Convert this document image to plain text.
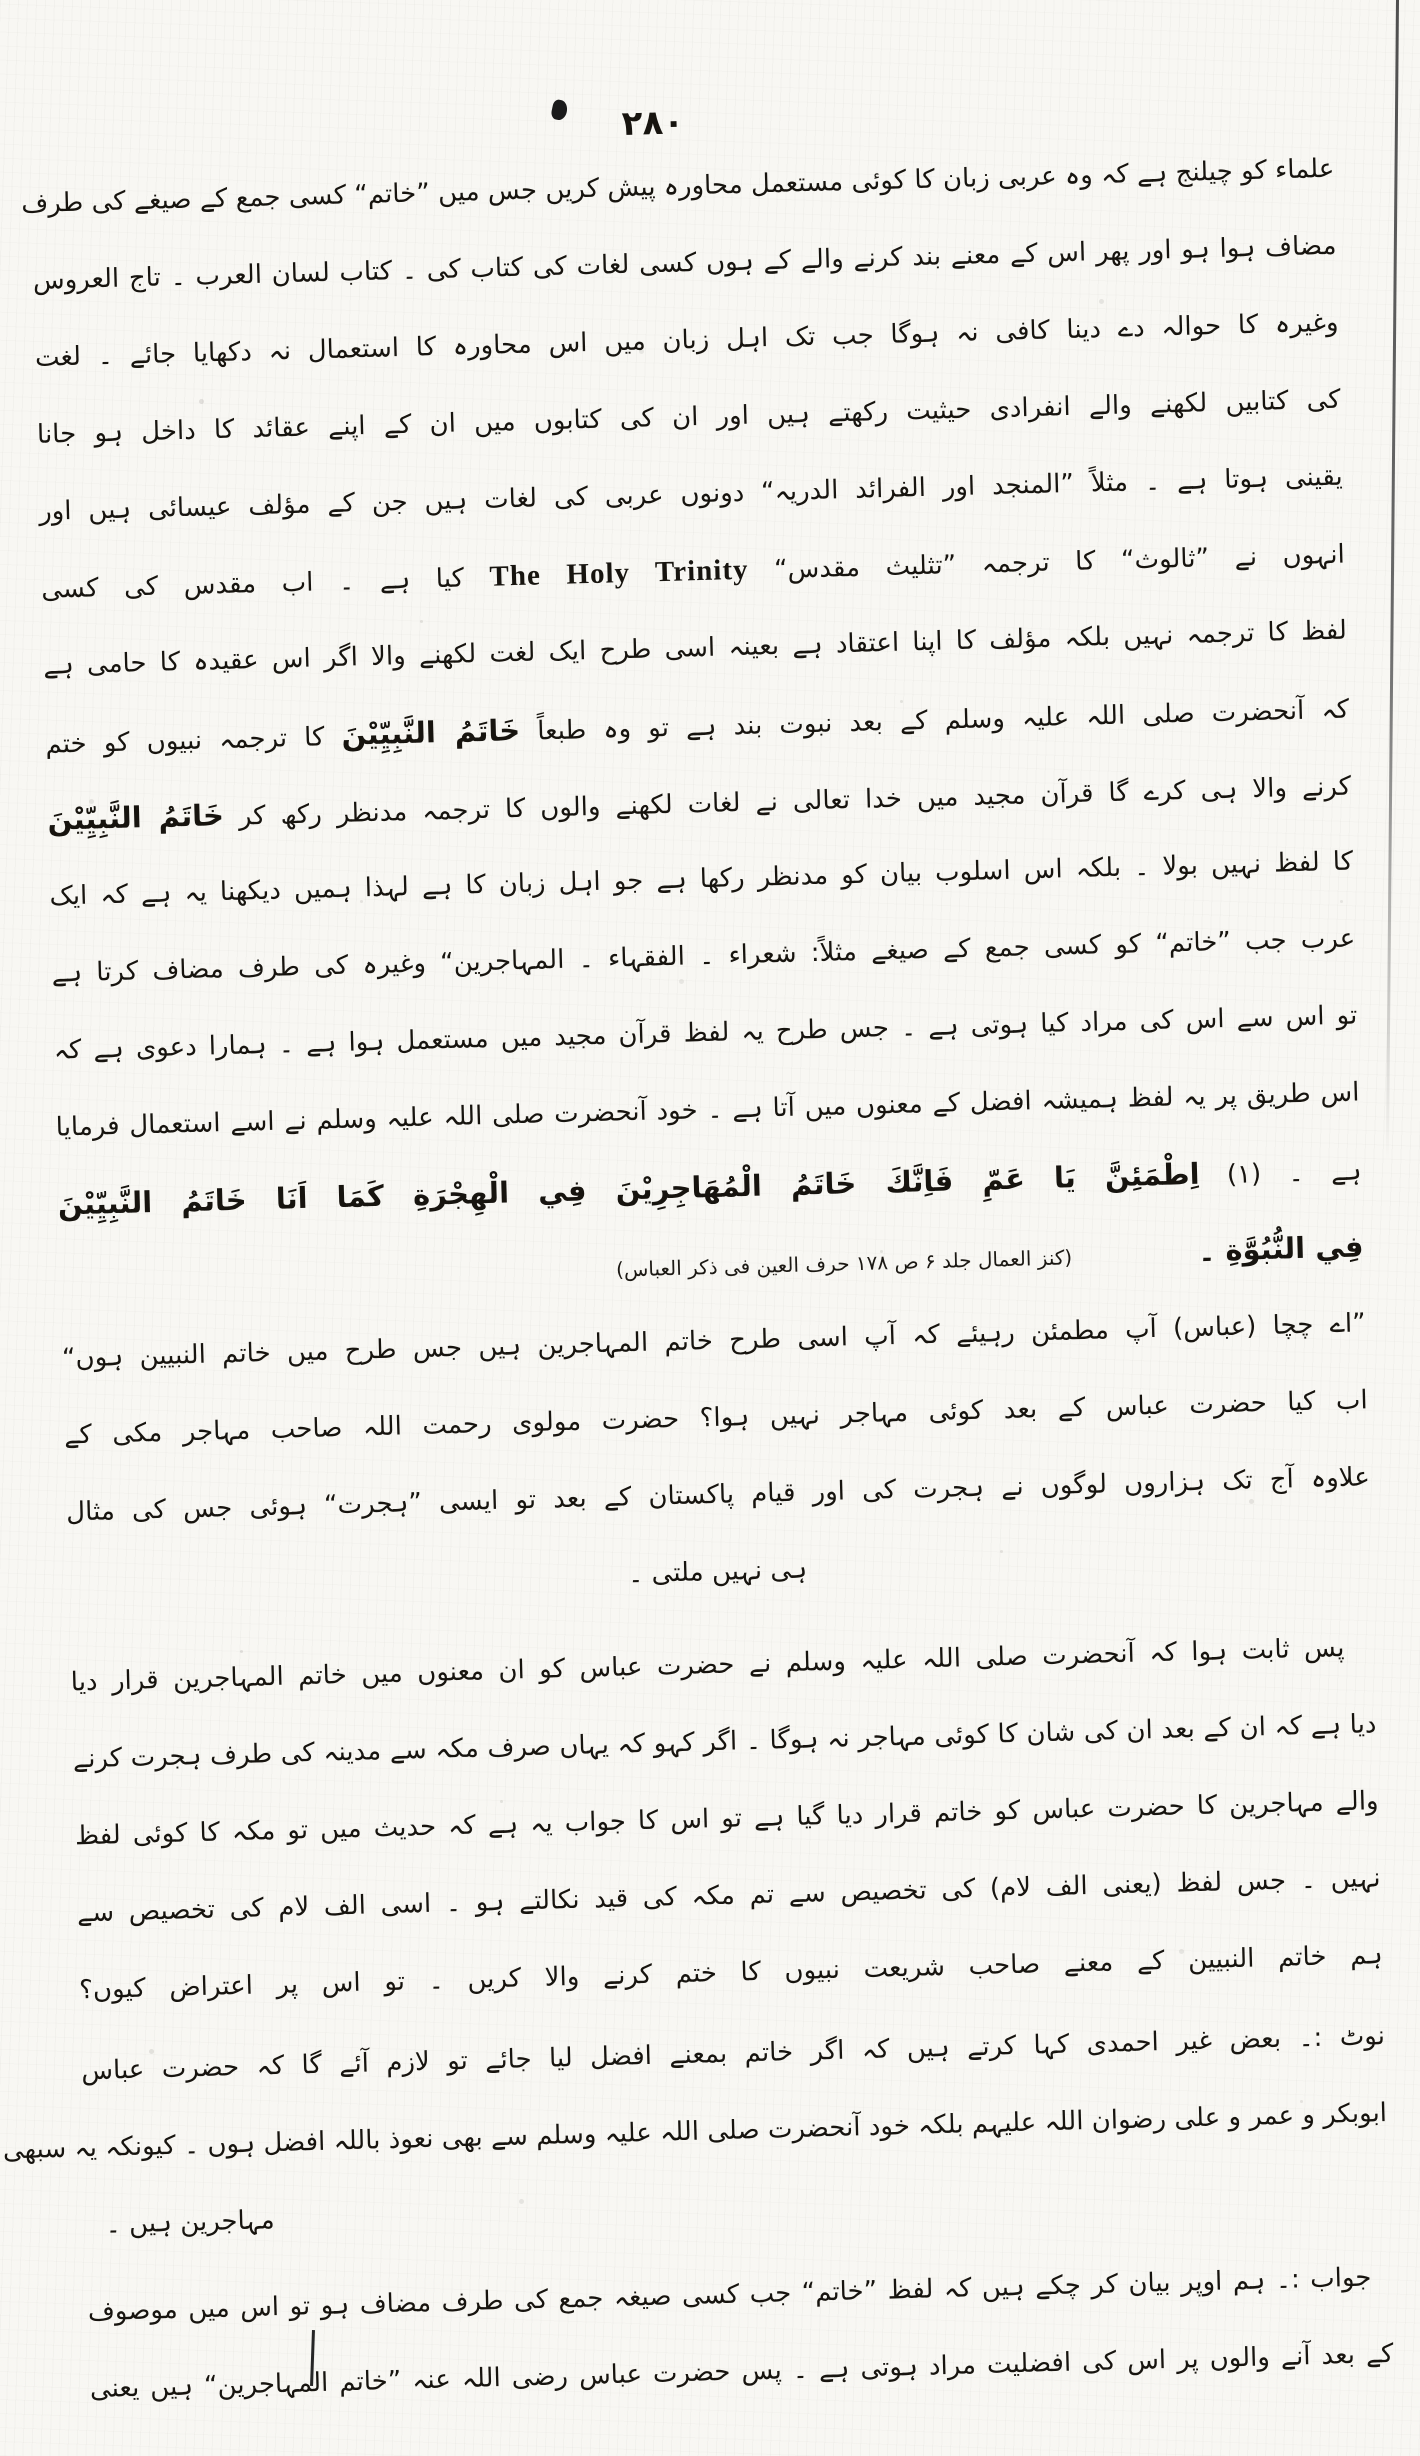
۲۸۰
علماء کو چیلنج ہے کہ وہ عربی زبان کا کوئی مستعمل محاورہ پیش کریں جس میں ”خاتم“ کسی جمع کے صیغے کی طرف
مضاف ہوا ہو اور پھر اس کے معنے بند کرنے والے کے ہوں کسی لغات کی کتاب کی ۔ کتاب لسان العرب ۔ تاج العروس
وغیرہ کا حوالہ دے دینا کافی نہ ہوگا جب تک اہل زبان میں اس محاورہ کا استعمال نہ دکھایا جائے ۔ لغت
کی کتابیں لکھنے والے انفرادی حیثیت رکھتے ہیں اور ان کی کتابوں میں ان کے اپنے عقائد کا داخل ہو جانا
یقینی ہوتا ہے ۔ مثلاً ”المنجد اور الفرائد الدریہ“ دونوں عربی کی لغات ہیں جن کے مؤلف عیسائی ہیں اور
انہوں نے ”ثالوث“ کا ترجمہ ”تثلیث مقدس“ The Holy Trinity کیا ہے ۔ اب مقدس کی کسی
لفظ کا ترجمہ نہیں بلکہ مؤلف کا اپنا اعتقاد ہے بعینہ اسی طرح ایک لغت لکھنے والا اگر اس عقیدہ کا حامی ہے
کہ آنحضرت صلی اللہ علیہ وسلم کے بعد نبوت بند ہے تو وہ طبعاً خَاتَمُ النَّبِيِّيْنَ کا ترجمہ نبیوں کو ختم
کرنے والا ہی کرے گا قرآن مجید میں خدا تعالی نے لغات لکھنے والوں کا ترجمہ مدنظر رکھ کر خَاتَمُ النَّبِيِّيْنَ
کا لفظ نہیں بولا ۔ بلکہ اس اسلوب بیان کو مدنظر رکھا ہے جو اہل زبان کا ہے لہذا ہمیں دیکھنا یہ ہے کہ ایک
عرب جب ”خاتم“ کو کسی جمع کے صیغے مثلاً: شعراء ۔ الفقہاء ۔ المہاجرین“ وغیرہ کی طرف مضاف کرتا ہے
تو اس سے اس کی مراد کیا ہوتی ہے ۔ جس طرح یہ لفظ قرآن مجید میں مستعمل ہوا ہے ۔ ہمارا دعوی ہے کہ
اس طریق پر یہ لفظ ہمیشہ افضل کے معنوں میں آتا ہے ۔ خود آنحضرت صلی اللہ علیہ وسلم نے اسے استعمال فرمایا
ہے ۔ (۱) اِطْمَئِنَّ يَا عَمِّ فَاِنَّكَ خَاتَمُ الْمُهَاجِرِيْنَ فِي الْهِجْرَةِ كَمَا اَنَا خَاتَمُ النَّبِيِّيْنَ
فِي النُّبُوَّةِ ۔
(کنز العمال جلد ۶ ص ۱۷۸ حرف العین فی ذکر العباس)
”اے چچا (عباس) آپ مطمئن رہیئے کہ آپ اسی طرح خاتم المہاجرین ہیں جس طرح میں خاتم النبیین ہوں“
اب کیا حضرت عباس کے بعد کوئی مہاجر نہیں ہوا؟ حضرت مولوی رحمت اللہ صاحب مہاجر مکی کے
علاوہ آج تک ہزاروں لوگوں نے ہجرت کی اور قیام پاکستان کے بعد تو ایسی ”ہجرت“ ہوئی جس کی مثال
ہی نہیں ملتی ۔
پس ثابت ہوا کہ آنحضرت صلی اللہ علیہ وسلم نے حضرت عباس کو ان معنوں میں خاتم المہاجرین قرار دیا
دیا ہے کہ ان کے بعد ان کی شان کا کوئی مہاجر نہ ہوگا ۔ اگر کہو کہ یہاں صرف مکہ سے مدینہ کی طرف ہجرت کرنے
والے مہاجرین کا حضرت عباس کو خاتم قرار دیا گیا ہے تو اس کا جواب یہ ہے کہ حدیث میں تو مکہ کا کوئی لفظ
نہیں ۔ جس لفظ (یعنی الف لام) کی تخصیص سے تم مکہ کی قید نکالتے ہو ۔ اسی الف لام کی تخصیص سے
ہم خاتم النبیین کے معنے صاحب شریعت نبیوں کا ختم کرنے والا کریں ۔ تو اس پر اعتراض کیوں؟
نوٹ :۔ بعض غیر احمدی کہا کرتے ہیں کہ اگر خاتم بمعنے افضل لیا جائے تو لازم آئے گا کہ حضرت عباس
ابوبکر و عمر و علی رضوان اللہ علیہم بلکہ خود آنحضرت صلی اللہ علیہ وسلم سے بھی نعوذ باللہ افضل ہوں ۔ کیونکہ یہ سبھی
مہاجرین ہیں ۔
جواب :۔ ہم اوپر بیان کر چکے ہیں کہ لفظ ”خاتم“ جب کسی صیغہ جمع کی طرف مضاف ہو تو اس میں موصوف
کے بعد آنے والوں پر اس کی افضلیت مراد ہوتی ہے ۔ پس حضرت عباس رضی اللہ عنہ ”خاتم المہاجرین“ ہیں یعنی
